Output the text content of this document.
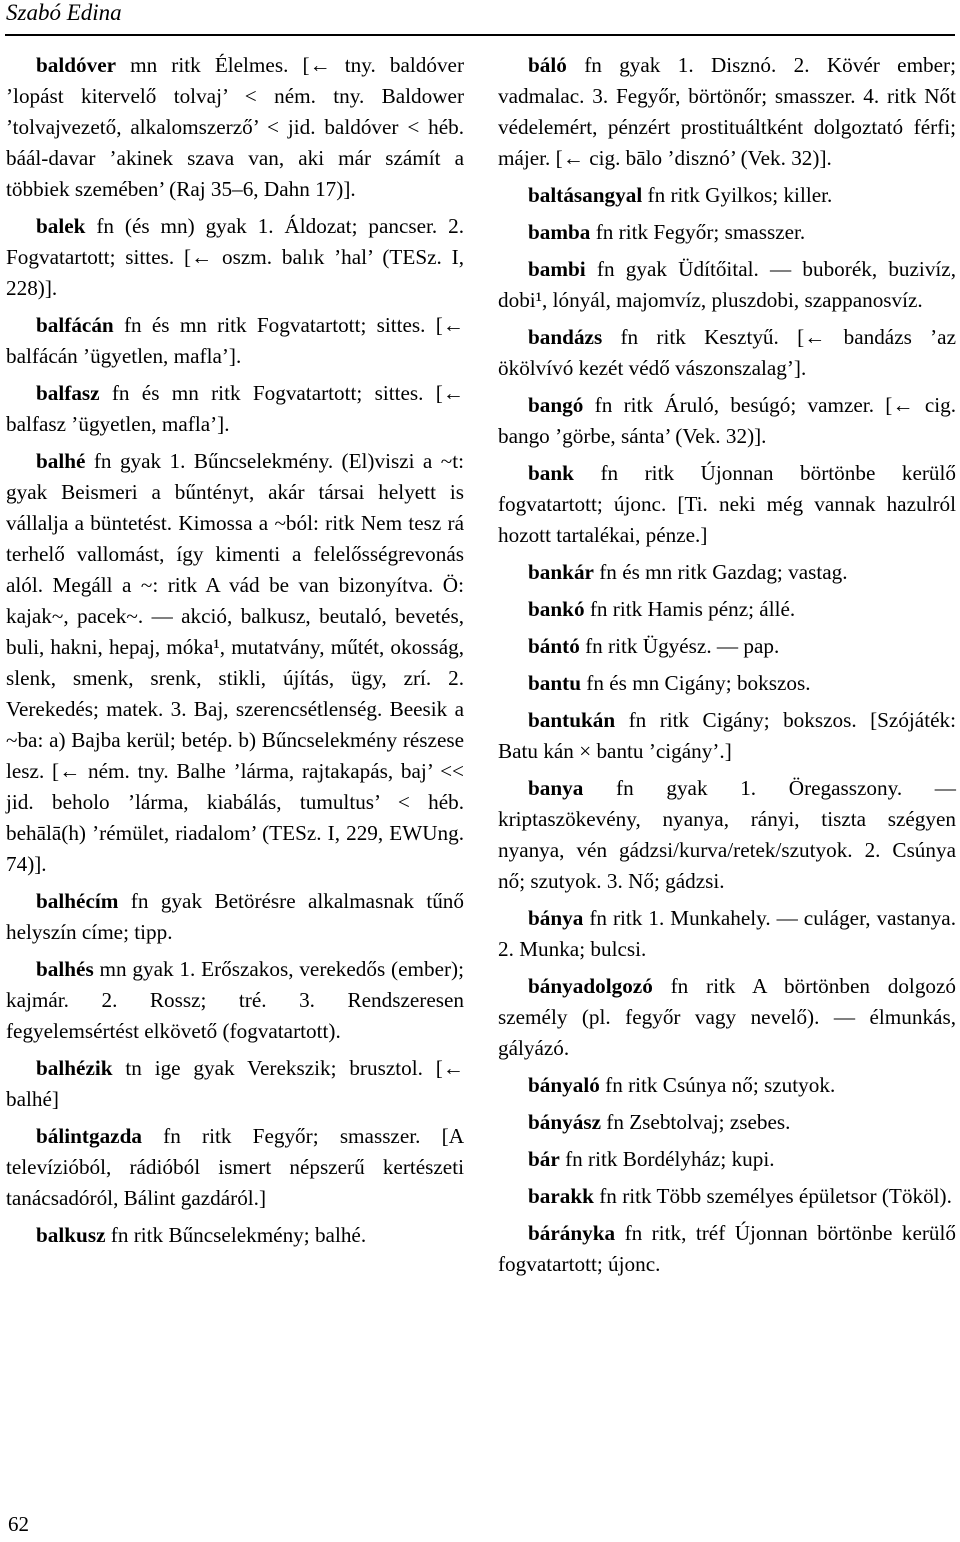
Szabó Edina

baldóver mn ritk Élelmes. [← tny. baldóver ’lopást kitervelő tolvaj’ < ném. tny. Baldower ’tolvajvezető, alkalomszerző’ < jid. baldóver < héb. báál-davar ’akinek szava van, aki már számít a többiek szemében’ (Raj 35–6, Dahn 17)].

balek fn (és mn) gyak 1. Áldozat; pancser. 2. Fogvatartott; sittes. [← oszm. balık ’hal’ (TESz. I, 228)].

balfácán fn és mn ritk Fogvatartott; sittes. [← balfácán ’ügyetlen, mafla’].

balfasz fn és mn ritk Fogvatartott; sittes. [← balfasz ’ügyetlen, mafla’].

balhé fn gyak 1. Bűncselekmény. (El)viszi a ~t: gyak Beismeri a bűntényt, akár társai helyett is vállalja a büntetést. Kimossa a ~ból: ritk Nem tesz rá terhelő vallomást, így kimenti a felelősségrevonás alól. Megáll a ~: ritk A vád be van bizonyítva. Ö: kajak~, pacek~. — akció, balkusz, beutaló, bevetés, buli, hakni, hepaj, móka¹, mutatvány, műtét, okosság, slenk, smenk, srenk, stikli, újítás, ügy, zrí. 2. Verekedés; matek. 3. Baj, szerencsétlenség. Beesik a ~ba: a) Bajba kerül; betép. b) Bűncselekmény részese lesz. [← ném. tny. Balhe ’lárma, rajtakapás, baj’ << jid. beholo ’lárma, kiabálás, tumultus’ < héb. behālā(h) ’rémület, riadalom’ (TESz. I, 229, EWUng. 74)].

balhécím fn gyak Betörésre alkalmasnak tűnő helyszín címe; tipp.

balhés mn gyak 1. Erőszakos, verekedős (ember); kajmár. 2. Rossz; tré. 3. Rendszeresen fegyelemsértést elkövető (fogvatartott).

balhézik tn ige gyak Verekszik; brusztol. [← balhé]

bálintgazda fn ritk Fegyőr; smasszer. [A televízióból, rádióból ismert népszerű kertészeti tanácsadóról, Bálint gazdáról.]

balkusz fn ritk Bűncselekmény; balhé.

báló fn gyak 1. Disznó. 2. Kövér ember; vadmalac. 3. Fegyőr, börtönőr; smasszer. 4. ritk Nőt védelemért, pénzért prostituáltként dolgoztató férfi; májer. [← cig. bālo ’disznó’ (Vek. 32)].

baltásangyal fn ritk Gyilkos; killer.

bamba fn ritk Fegyőr; smasszer.

bambi fn gyak Üdítőital. — buborék, buzivíz, dobi¹, lónyál, majomvíz, pluszdobi, szappanosvíz.

bandázs fn ritk Kesztyű. [← bandázs ’az ökölvívó kezét védő vászonszalag’].

bangó fn ritk Áruló, besúgó; vamzer. [← cig. bango ’görbe, sánta’ (Vek. 32)].

bank fn ritk Újonnan börtönbe kerülő fogvatartott; újonc. [Ti. neki még vannak hazulról hozott tartalékai, pénze.]

bankár fn és mn ritk Gazdag; vastag.

bankó fn ritk Hamis pénz; állé.

bántó fn ritk Ügyész. — pap.

bantu fn és mn Cigány; bokszos.

bantukán fn ritk Cigány; bokszos. [Szójáték: Batu kán × bantu ’cigány’.]

banya fn gyak 1. Öregasszony. — kriptaszökevény, nyanya, rányi, tiszta szégyen nyanya, vén gádzsi/kurva/retek/szutyok. 2. Csúnya nő; szutyok. 3. Nő; gádzsi.

bánya fn ritk 1. Munkahely. — culáger, vastanya. 2. Munka; bulcsi.

bányadolgozó fn ritk A börtönben dolgozó személy (pl. fegyőr vagy nevelő). — élmunkás, gályázó.

bányaló fn ritk Csúnya nő; szutyok.

bányász fn Zsebtolvaj; zsebes.

bár fn ritk Bordélyház; kupi.

barakk fn ritk Több személyes épületsor (Tököl).

bárányka fn ritk, tréf Újonnan börtönbe kerülő fogvatartott; újonc.

62
